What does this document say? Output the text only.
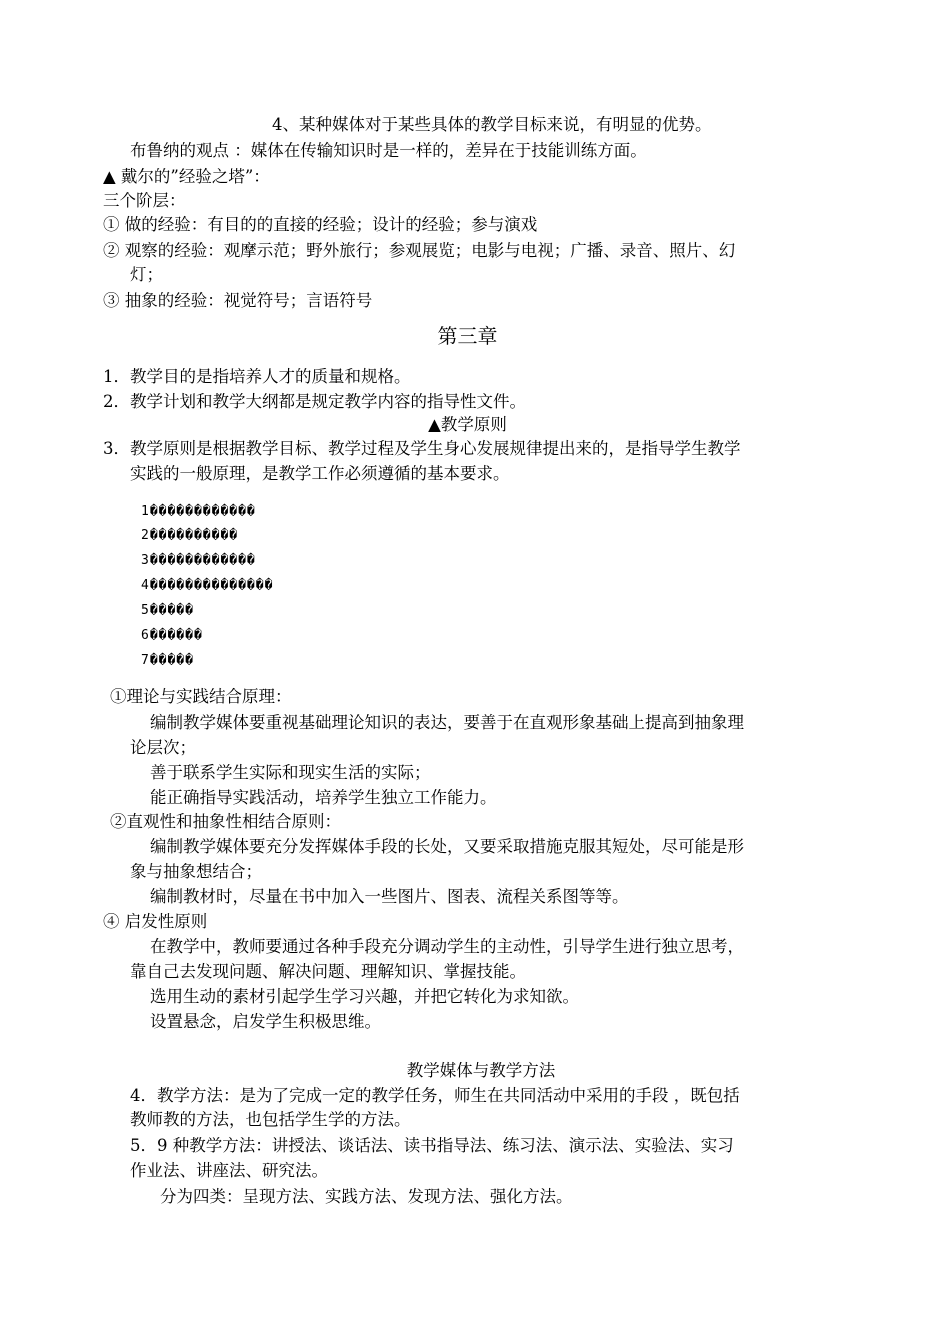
4、某种媒体对于某些具体的教学目标来说，有明显的优势。
布鲁纳的观点 ：媒体在传输知识时是一样的，差异在于技能训练方面。
▲ 戴尔的”经验之塔”：
三个阶层：
① 做的经验：有目的的直接的经验；设计的经验；参与演戏
② 观察的经验：观摩示范；野外旅行；参观展览；电影与电视；广播、录音、照片、幻
灯；
③ 抽象的经验：视觉符号；言语符号
第三章
1．教学目的是指培养人才的质量和规格。
2．教学计划和教学大纲都是规定教学内容的指导性文件。
▲教学原则
3．教学原则是根据教学目标、教学过程及学生身心发展规律提出来的，是指导学生教学
实践的一般原理，是教学工作必须遵循的基本要求。
1������������
2����������
3������������
4��������������
5�����
6������
7�����
①理论与实践结合原理：
编制教学媒体要重视基础理论知识的表达，要善于在直观形象基础上提高到抽象理
论层次；
善于联系学生实际和现实生活的实际；
能正确指导实践活动，培养学生独立工作能力。
②直观性和抽象性相结合原则：
编制教学媒体要充分发挥媒体手段的长处，又要采取措施克服其短处，尽可能是形
象与抽象想结合；
编制教材时，尽量在书中加入一些图片、图表、流程关系图等等。
④ 启发性原则
在教学中，教师要通过各种手段充分调动学生的主动性，引导学生进行独立思考，
靠自己去发现问题、解决问题、理解知识、掌握技能。
选用生动的素材引起学生学习兴趣，并把它转化为求知欲。
设置悬念，启发学生积极思维。
教学媒体与教学方法
4．教学方法：是为了完成一定的教学任务，师生在共同活动中采用的手段 ，既包括
教师教的方法，也包括学生学的方法。
5．9 种教学方法：讲授法、谈话法、读书指导法、练习法、演示法、实验法、实习
作业法、讲座法、研究法。
分为四类：呈现方法、实践方法、发现方法、强化方法。
